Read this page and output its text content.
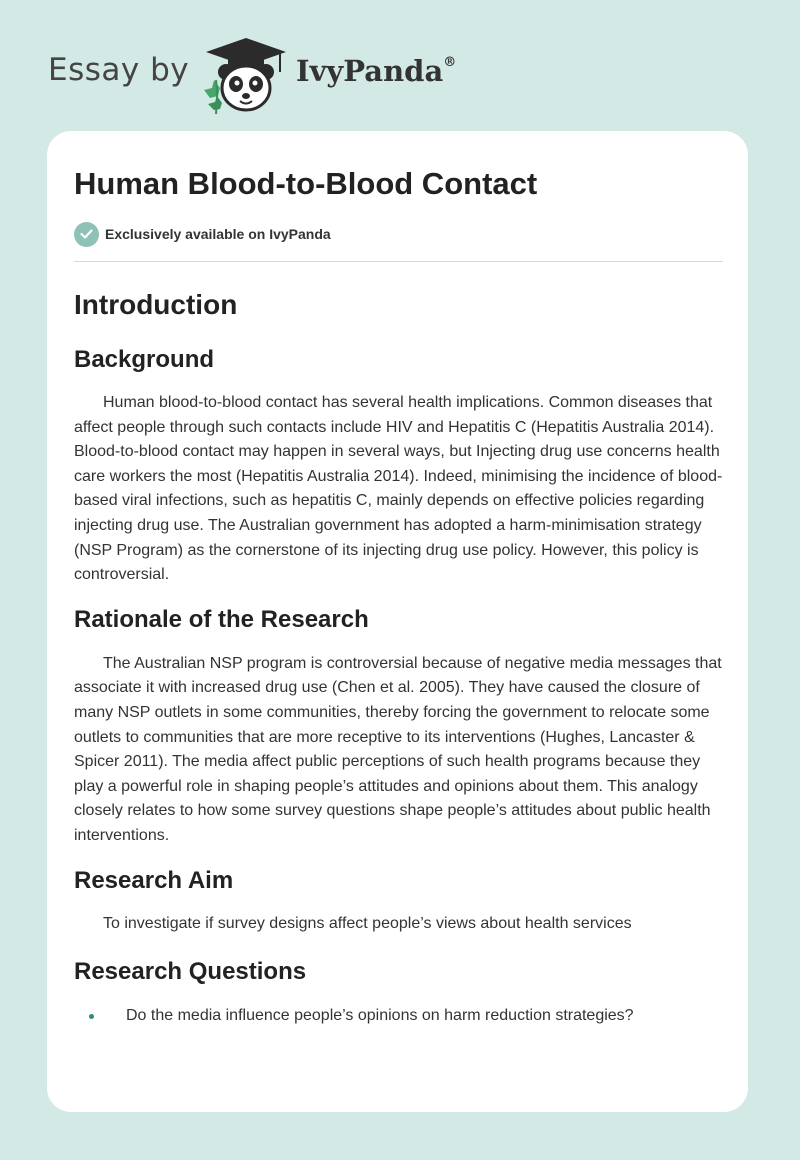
Essay by	IvyPanda®
Human Blood-to-Blood Contact
Exclusively available on IvyPanda
Introduction
Background

Human blood-to-blood contact has several health implications. Common diseases that affect people through such contacts include HIV and Hepatitis C (Hepatitis Australia 2014). Blood-to-blood contact may happen in several ways, but Injecting drug use concerns health care workers the most (Hepatitis Australia 2014). Indeed, minimising the incidence of blood-based viral infections, such as hepatitis C, mainly depends on effective policies regarding injecting drug use. The Australian government has adopted a harm-minimisation strategy (NSP Program) as the cornerstone of its injecting drug use policy. However, this policy is controversial.

Rationale of the Research

The Australian NSP program is controversial because of negative media messages that associate it with increased drug use (Chen et al. 2005). They have caused the closure of many NSP outlets in some communities, thereby forcing the government to relocate some outlets to communities that are more receptive to its interventions (Hughes, Lancaster & Spicer 2011). The media affect public perceptions of such health programs because they play a powerful role in shaping people’s attitudes and opinions about them. This analogy closely relates to how some survey questions shape people’s attitudes about public health interventions.

Research Aim

To investigate if survey designs affect people’s views about health services

Research Questions
Do the media influence people’s opinions on harm reduction strategies?
